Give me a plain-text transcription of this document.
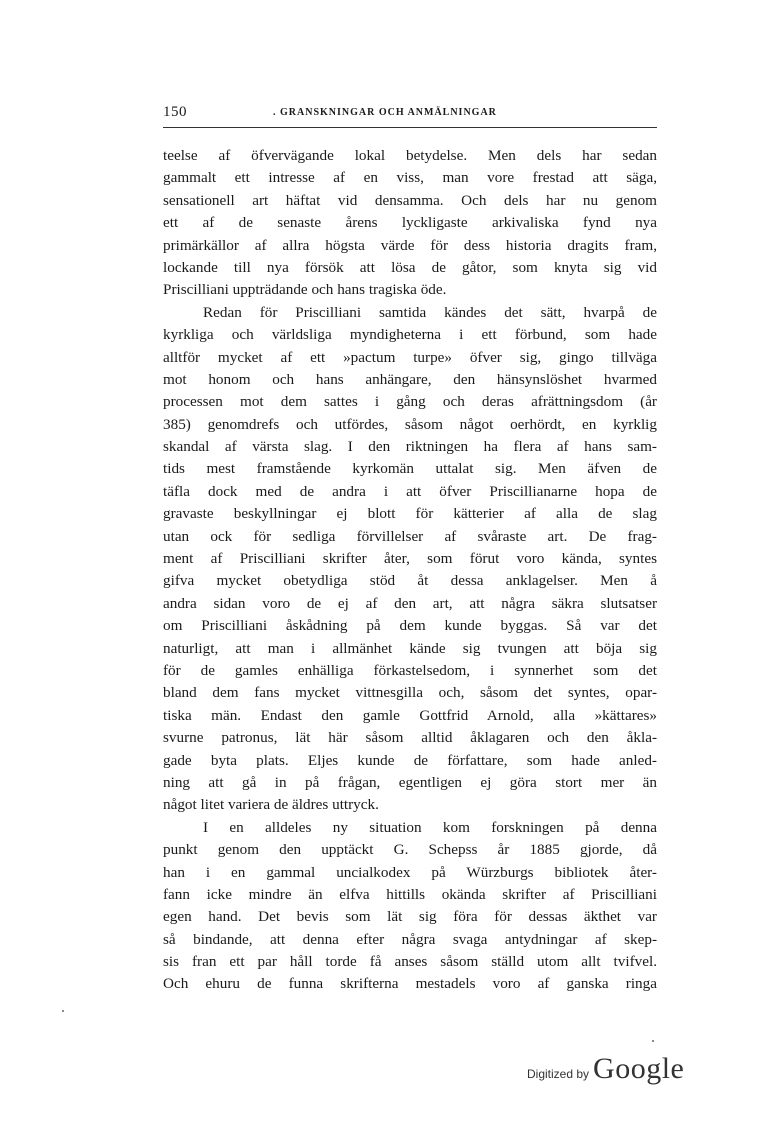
150	. GRANSKNINGAR OCH ANMÄLNINGAR
teelse af öfvervägande lokal betydelse. Men dels har sedan
gammalt ett intresse af en viss, man vore frestad att säga,
sensationell art häftat vid densamma. Och dels har nu genom
ett af de senaste årens lyckligaste arkivaliska fynd nya
primärkällor af allra högsta värde för dess historia dragits fram,
lockande till nya försök att lösa de gåtor, som knyta sig vid
Priscilliani uppträdande och hans tragiska öde.
Redan för Priscilliani samtida kändes det sätt, hvarpå de
kyrkliga och världsliga myndigheterna i ett förbund, som hade
alltför mycket af ett »pactum turpe» öfver sig, gingo tillväga
mot honom och hans anhängare, den hänsynslöshet hvarmed
processen mot dem sattes i gång och deras afrättningsdom (år
385) genomdrefs och utfördes, såsom något oerhördt, en kyrklig
skandal af värsta slag. I den riktningen ha flera af hans sam-
tids mest framstående kyrkomän uttalat sig. Men äfven de
täfla dock med de andra i att öfver Priscillianarne hopa de
gravaste beskyllningar ej blott för kätterier af alla de slag
utan ock för sedliga förvillelser af svåraste art. De frag-
ment af Priscilliani skrifter åter, som förut voro kända, syntes
gifva mycket obetydliga stöd åt dessa anklagelser. Men å
andra sidan voro de ej af den art, att några säkra slutsatser
om Priscilliani åskådning på dem kunde byggas. Så var det
naturligt, att man i allmänhet kände sig tvungen att böja sig
för de gamles enhälliga förkastelsedom, i synnerhet som det
bland dem fans mycket vittnesgilla och, såsom det syntes, opar-
tiska män. Endast den gamle Gottfrid Arnold, alla »kättares»
svurne patronus, lät här såsom alltid åklagaren och den åkla-
gade byta plats. Eljes kunde de författare, som hade anled-
ning att gå in på frågan, egentligen ej göra stort mer än
något litet variera de äldres uttryck.
I en alldeles ny situation kom forskningen på denna
punkt genom den upptäckt G. Schepss år 1885 gjorde, då
han i en gammal uncialkodex på Würzburgs bibliotek åter-
fann icke mindre än elfva hittills okända skrifter af Priscilliani
egen hand. Det bevis som lät sig föra för dessas äkthet var
så bindande, att denna efter några svaga antydningar af skep-
sis fran ett par håll torde få anses såsom ställd utom allt tvifvel.
Och ehuru de funna skrifterna mestadels voro af ganska ringa
Digitized by Google
